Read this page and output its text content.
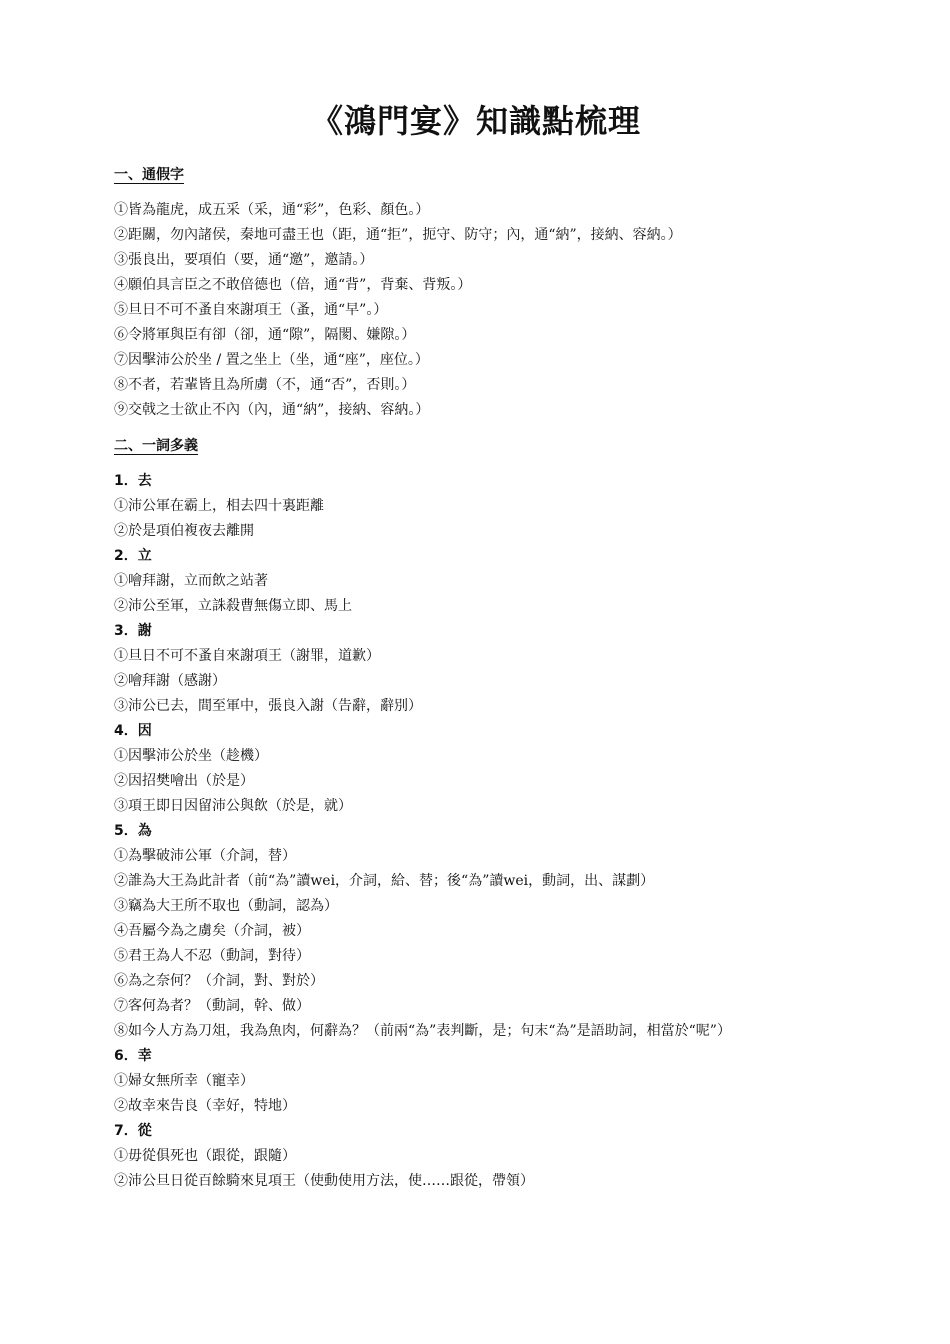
《鴻門宴》知識點梳理

一、通假字

①皆為龍虎，成五采（采，通“彩”，色彩、顏色。）

②距關，勿內諸侯，秦地可盡王也（距，通“拒”，扼守、防守；內，通“納”，接納、容納。）

③張良出，要項伯（要，通“邀”，邀請。）

④願伯具言臣之不敢倍德也（倍，通“背”，背棄、背叛。）

⑤旦日不可不蚤自來謝項王（蚤，通“早”。）

⑥令將軍與臣有卻（卻，通“隙”，隔閡、嫌隙。）

⑦因擊沛公於坐 / 置之坐上（坐，通“座”，座位。）

⑧不者，若輩皆且為所虜（不，通“否”，否則。）

⑨交戟之士欲止不內（內，通“納”，接納、容納。）

二、一詞多義

1．去

①沛公軍在霸上，相去四十裏距離

②於是項伯複夜去離開

2．立

①噲拜謝，立而飲之站著

②沛公至軍，立誅殺曹無傷立即、馬上

3．謝

①旦日不可不蚤自來謝項王（謝罪，道歉）

②噲拜謝（感謝）

③沛公已去，間至軍中，張良入謝（告辭，辭別）

4．因

①因擊沛公於坐（趁機）

②因招樊噲出（於是）

③項王即日因留沛公與飲（於是，就）

5．為

①為擊破沛公軍（介詞，替）

②誰為大王為此計者（前“為”讀wei，介詞，給、替；後“為”讀wei，動詞，出、謀劃）

③竊為大王所不取也（動詞，認為）

④吾屬今為之虜矣（介詞，被）

⑤君王為人不忍（動詞，對待）

⑥為之奈何？（介詞，對、對於）

⑦客何為者？（動詞，幹、做）

⑧如今人方為刀俎，我為魚肉，何辭為？（前兩“為”表判斷，是；句末“為”是語助詞，相當於“呢”）

6．幸

①婦女無所幸（寵幸）

②故幸來告良（幸好，特地）

7．從

①毋從俱死也（跟從，跟隨）

②沛公旦日從百餘騎來見項王（使動使用方法，使……跟從，帶領）
